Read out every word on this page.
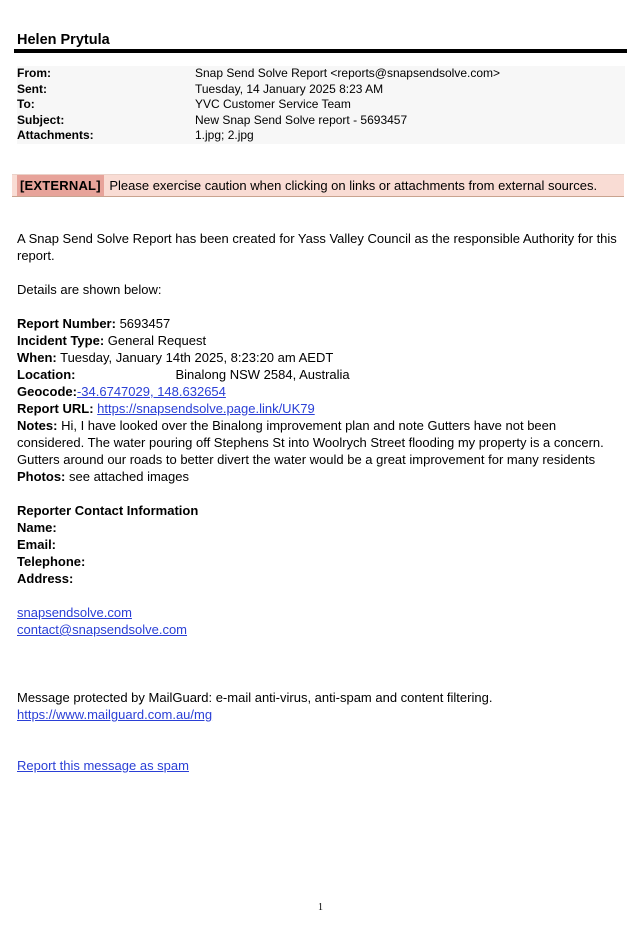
Helen Prytula
From:	Snap Send Solve Report <reports@snapsendsolve.com>
Sent:	Tuesday, 14 January 2025 8:23 AM
To:	YVC Customer Service Team
Subject:	New Snap Send Solve report - 5693457
Attachments:	1.jpg; 2.jpg
[EXTERNAL] Please exercise caution when clicking on links or attachments from external sources.

A Snap Send Solve Report has been created for Yass Valley Council as the responsible Authority for this report.

Details are shown below:

Report Number: 5693457

Incident Type: General Request

When: Tuesday, January 14th 2025, 8:23:20 am AEDT

Location:	Binalong NSW 2584, Australia

Geocode:-34.6747029, 148.632654

Report URL: https://snapsendsolve.page.link/UK79

Notes: Hi, I have looked over the Binalong improvement plan and note Gutters have not been considered. The water pouring off Stephens St into Woolrych Street flooding my property is a concern. Gutters around our roads to better divert the water would be a great improvement for many residents

Photos: see attached images

Reporter Contact Information

Name:

Email:

Telephone:

Address:

snapsendsolve.com

contact@snapsendsolve.com

Message protected by MailGuard: e-mail anti-virus, anti-spam and content filtering.

https://www.mailguard.com.au/mg

Report this message as spam

1
